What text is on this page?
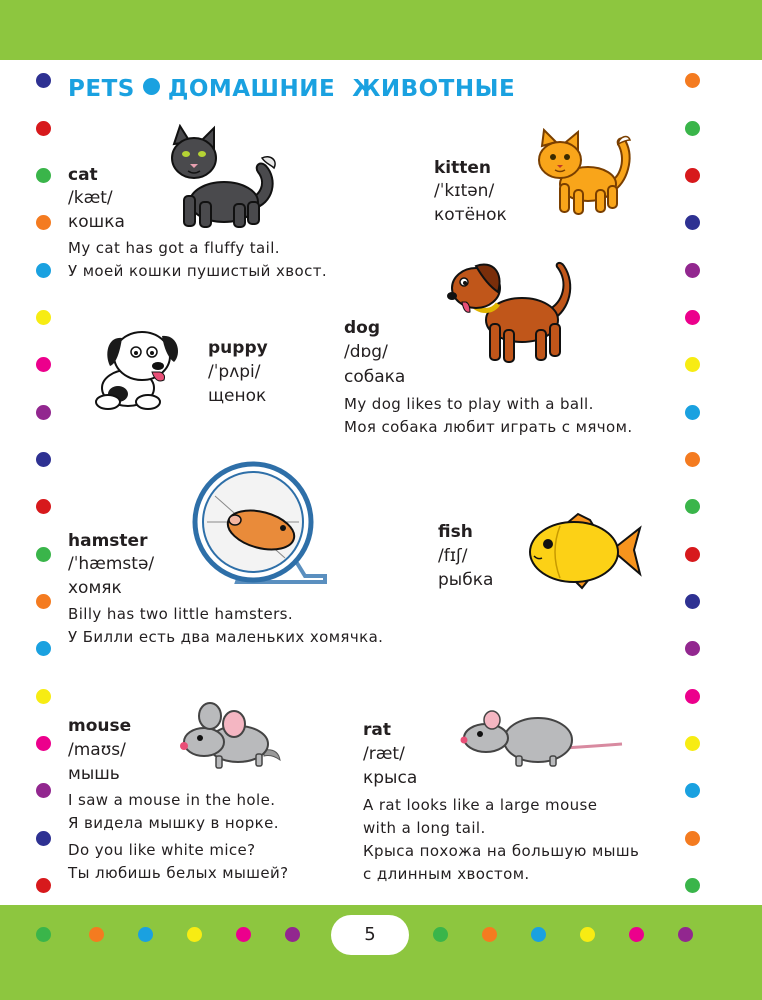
PETS ДОМАШНИЕ  ЖИВОТНЫЕ
cat
/kæt/
кошка
My cat has got a fluffy tail.
У моей кошки пушистый хвост.
kitten
/ˈkɪtən/
котёнок
puppy
/ˈpʌpi/
щенок
dog
/dɒg/
собака
My dog likes to play with a ball.
Моя собака любит играть с мячом.
hamster
/ˈhæmstə/
хомяк
Billy has two little hamsters.
У Билли есть два маленьких хомячка.
fish
/fɪʃ/
рыбка
mouse
/maʊs/
мышь
I saw a mouse in the hole.
Я видела мышку в норке.
Do you like white mice?
Ты любишь белых мышей?
rat
/ræt/
крыса
A rat looks like a large mouse
with a long tail.
Крыса похожа на большую мышь
с длинным хвостом.
5
